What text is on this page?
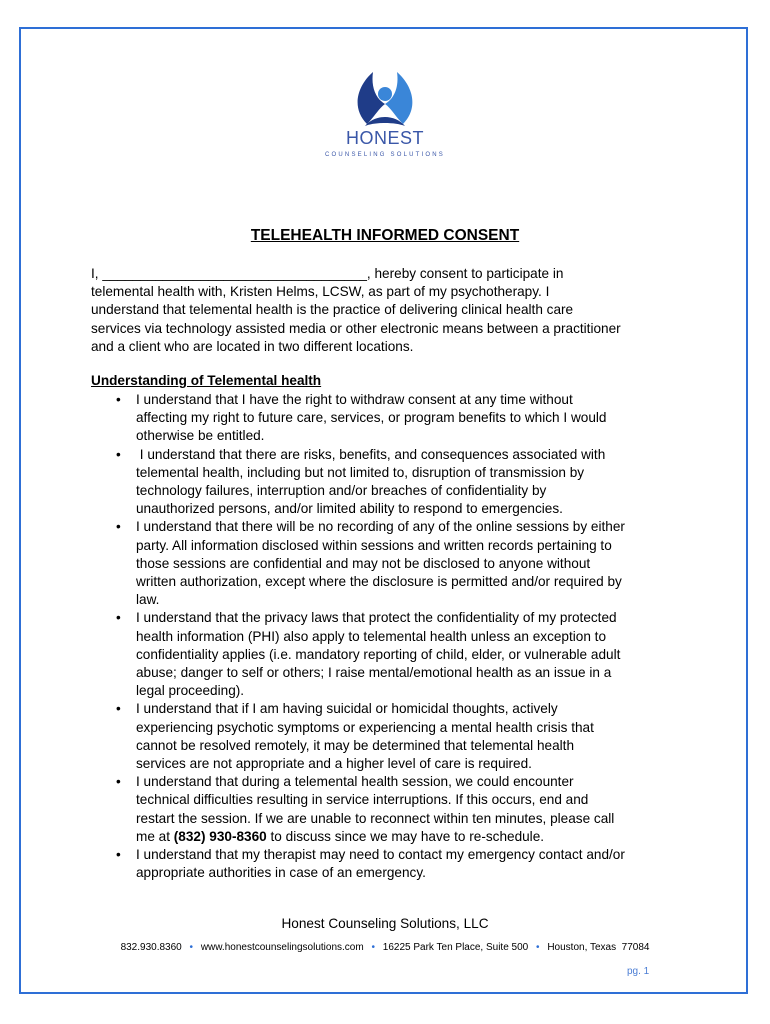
HONEST
COUNSELING SOLUTIONS
TELEHEALTH INFORMED CONSENT
I, ___________________________________, hereby consent to participate in
telemental health with, Kristen Helms, LCSW, as part of my psychotherapy. I
understand that telemental health is the practice of delivering clinical health care
services via technology assisted media or other electronic means between a practitioner
and a client who are located in two different locations.
Understanding of Telemental health
• I understand that I have the right to withdraw consent at any time without
affecting my right to future care, services, or program benefits to which I would
otherwise be entitled.
• I understand that there are risks, benefits, and consequences associated with
telemental health, including but not limited to, disruption of transmission by
technology failures, interruption and/or breaches of confidentiality by
unauthorized persons, and/or limited ability to respond to emergencies.
• I understand that there will be no recording of any of the online sessions by either
party. All information disclosed within sessions and written records pertaining to
those sessions are confidential and may not be disclosed to anyone without
written authorization, except where the disclosure is permitted and/or required by
law.
• I understand that the privacy laws that protect the confidentiality of my protected
health information (PHI) also apply to telemental health unless an exception to
confidentiality applies (i.e. mandatory reporting of child, elder, or vulnerable adult
abuse; danger to self or others; I raise mental/emotional health as an issue in a
legal proceeding).
• I understand that if I am having suicidal or homicidal thoughts, actively
experiencing psychotic symptoms or experiencing a mental health crisis that
cannot be resolved remotely, it may be determined that telemental health
services are not appropriate and a higher level of care is required.
• I understand that during a telemental health session, we could encounter
technical difficulties resulting in service interruptions. If this occurs, end and
restart the session. If we are unable to reconnect within ten minutes, please call
me at (832) 930-8360 to discuss since we may have to re-schedule.
• I understand that my therapist may need to contact my emergency contact and/or
appropriate authorities in case of an emergency.
Honest Counseling Solutions, LLC
832.930.8360 • www.honestcounselingsolutions.com • 16225 Park Ten Place, Suite 500 • Houston, Texas  77084
pg. 1
